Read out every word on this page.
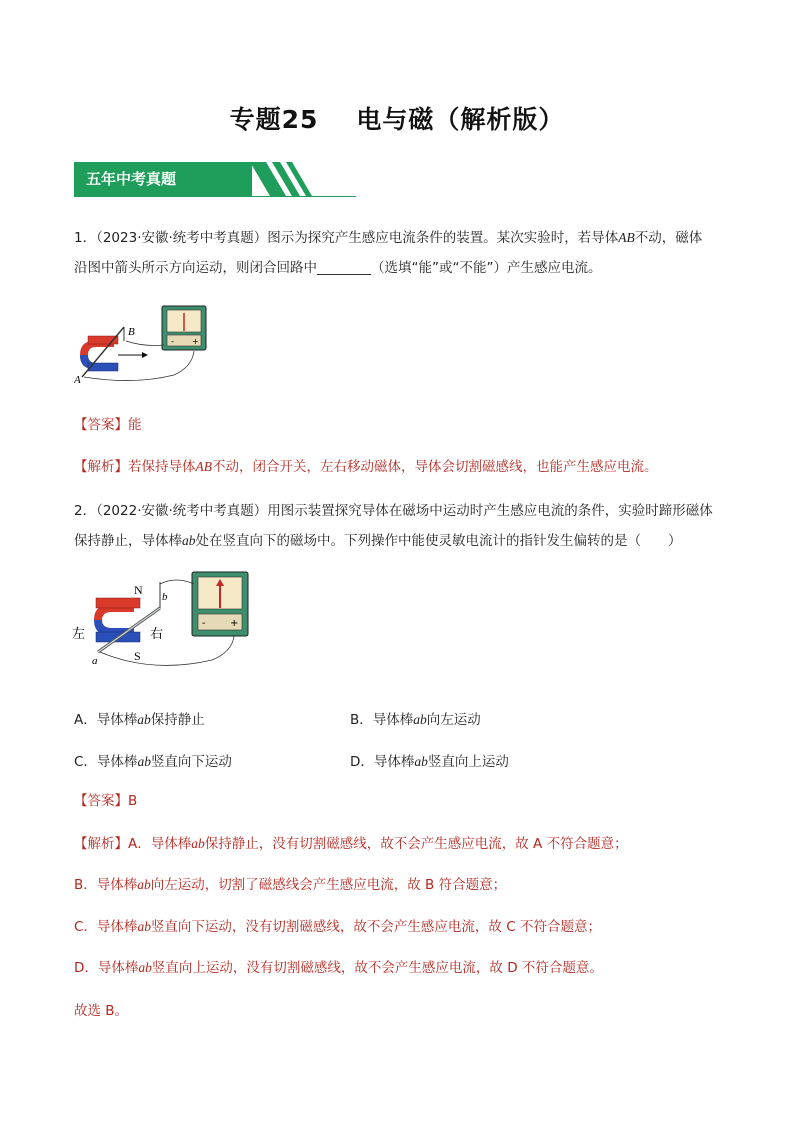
专题25 电与磁（解析版）
五年中考真题
1．（2023·安徽·统考中考真题）图示为探究产生感应电流条件的装置。某次实验时，若导体AB不动，磁体
沿图中箭头所示方向运动，则闭合回路中________（选填“能”或“不能”）产生感应电流。
- +
B
A
【答案】能
【解析】若保持导体AB不动，闭合开关，左右移动磁体，导体会切割磁感线，也能产生感应电流。
2．（2022·安徽·统考中考真题）用图示装置探究导体在磁场中运动时产生感应电流的条件，实验时蹄形磁体
保持静止，导体棒ab处在竖直向下的磁场中。下列操作中能使灵敏电流计的指针发生偏转的是（　　）
- +
N
S
左	右
a
b
A．导体棒ab保持静止	B．导体棒ab向左运动
C．导体棒ab竖直向下运动	D．导体棒ab竖直向上运动
【答案】B
【解析】A．导体棒ab保持静止，没有切割磁感线，故不会产生感应电流，故 A 不符合题意；
B．导体棒ab向左运动，切割了磁感线会产生感应电流，故 B 符合题意；
C．导体棒ab竖直向下运动，没有切割磁感线，故不会产生感应电流，故 C 不符合题意；
D．导体棒ab竖直向上运动，没有切割磁感线，故不会产生感应电流，故 D 不符合题意。
故选 B。
